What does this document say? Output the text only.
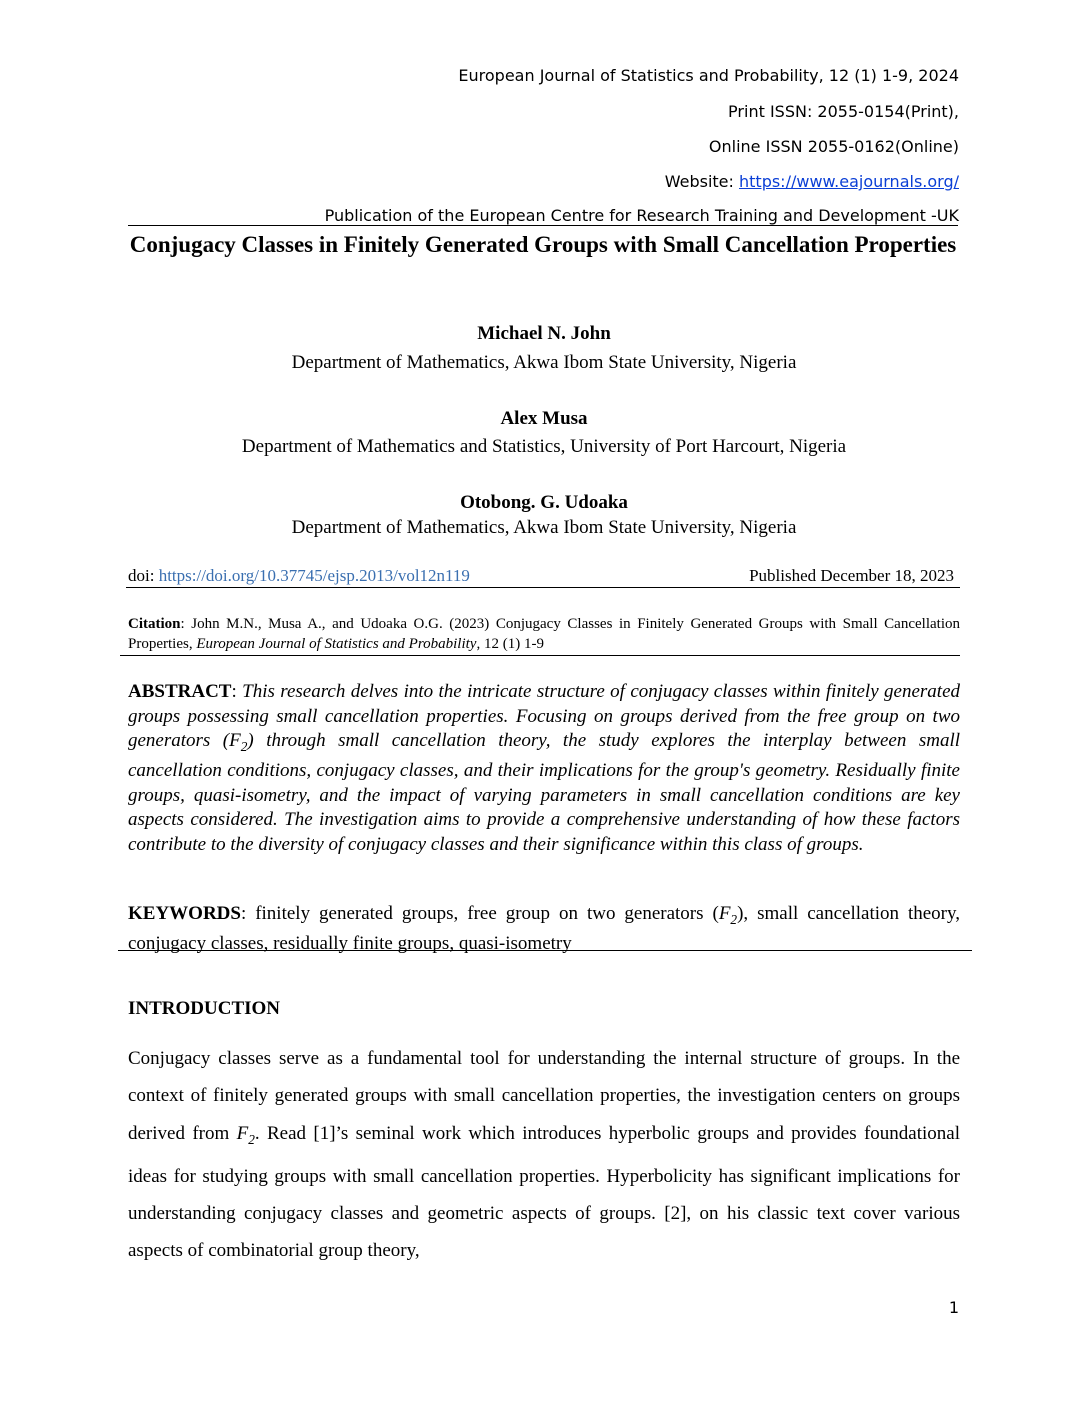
European Journal of Statistics and Probability, 12 (1) 1-9, 2024
Print ISSN: 2055-0154(Print),
Online ISSN 2055-0162(Online)
Website: https://www.eajournals.org/
Publication of the European Centre for Research Training and Development -UK
Conjugacy Classes in Finitely Generated Groups with Small Cancellation Properties
Michael N. John
Department of Mathematics, Akwa Ibom State University, Nigeria
Alex Musa
Department of Mathematics and Statistics, University of Port Harcourt, Nigeria
Otobong. G. Udoaka
Department of Mathematics, Akwa Ibom State University, Nigeria
doi: https://doi.org/10.37745/ejsp.2013/vol12n119	Published December 18, 2023
Citation: John M.N., Musa A., and Udoaka O.G. (2023) Conjugacy Classes in Finitely Generated Groups with Small Cancellation Properties, European Journal of Statistics and Probability, 12 (1) 1-9
ABSTRACT: This research delves into the intricate structure of conjugacy classes within finitely generated groups possessing small cancellation properties. Focusing on groups derived from the free group on two generators $(F_2)$ through small cancellation theory, the study explores the interplay between small cancellation conditions, conjugacy classes, and their implications for the group's geometry. Residually finite groups, quasi-isometry, and the impact of varying parameters in small cancellation conditions are key aspects considered. The investigation aims to provide a comprehensive understanding of how these factors contribute to the diversity of conjugacy classes and their significance within this class of groups.
KEYWORDS: finitely generated groups, free group on two generators $(F_2)$, small cancellation theory, conjugacy classes, residually finite groups, quasi-isometry
INTRODUCTION
Conjugacy classes serve as a fundamental tool for understanding the internal structure of groups. In the context of finitely generated groups with small cancellation properties, the investigation centers on groups derived from $F_2$. Read [1]’s seminal work which introduces hyperbolic groups and provides foundational ideas for studying groups with small cancellation properties. Hyperbolicity has significant implications for understanding conjugacy classes and geometric aspects of groups. [2], on his classic text cover various aspects of combinatorial group theory,
1
